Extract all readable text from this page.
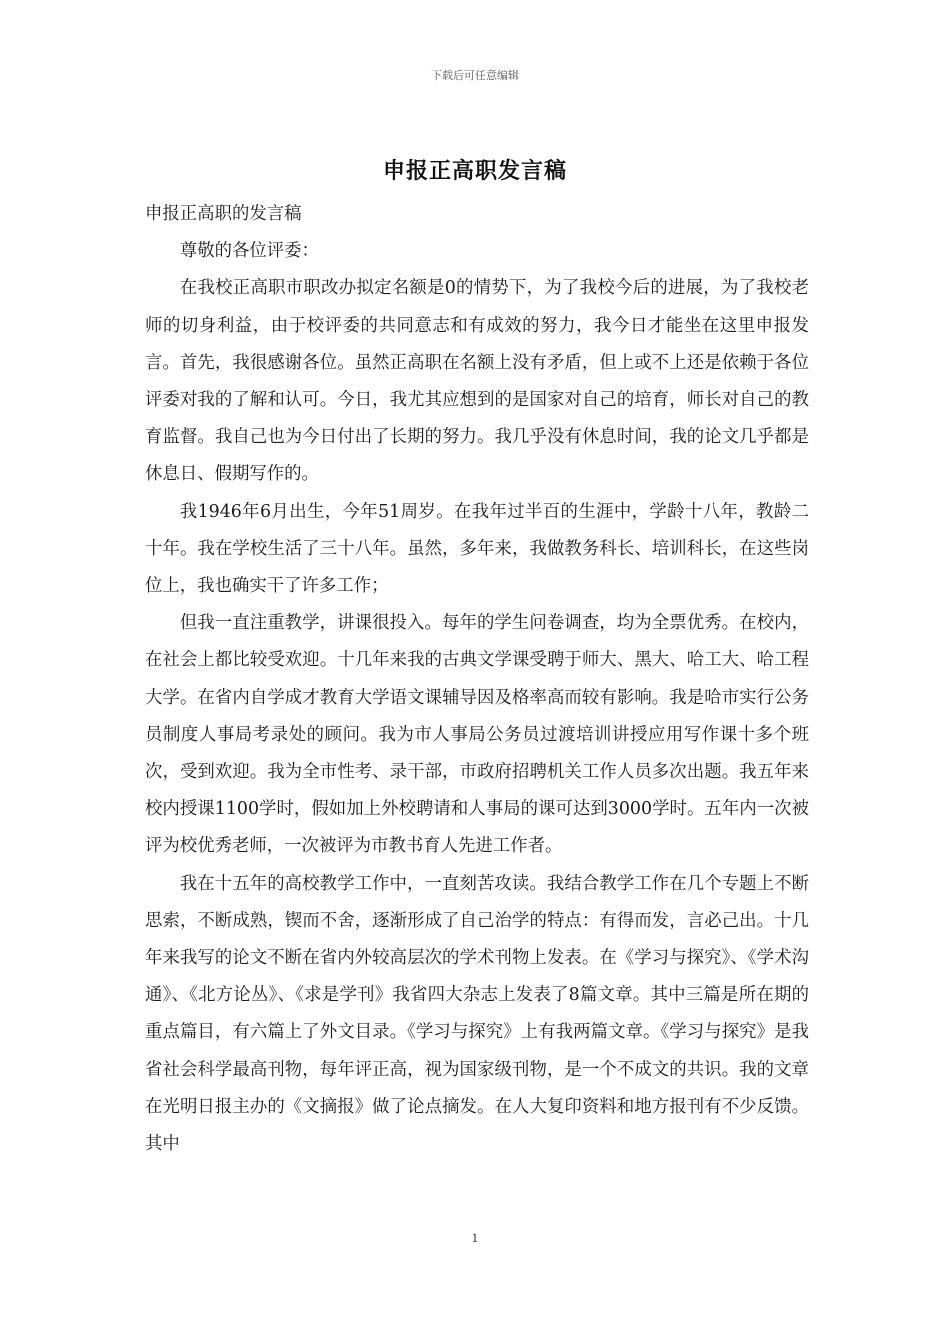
下载后可任意编辑
申报正高职发言稿

申报正高职的发言稿

尊敬的各位评委：

在我校正高职市职改办拟定名额是0的情势下，为了我校今后的进展，为了我校老师的切身利益，由于校评委的共同意志和有成效的努力，我今日才能坐在这里申报发言。首先，我很感谢各位。虽然正高职在名额上没有矛盾，但上或不上还是依赖于各位评委对我的了解和认可。今日，我尤其应想到的是国家对自己的培育，师长对自己的教育监督。我自己也为今日付出了长期的努力。我几乎没有休息时间，我的论文几乎都是休息日、假期写作的。

我1946年6月出生，今年51周岁。在我年过半百的生涯中，学龄十八年，教龄二十年。我在学校生活了三十八年。虽然，多年来，我做教务科长、培训科长，在这些岗位上，我也确实干了许多工作；

但我一直注重教学，讲课很投入。每年的学生问卷调查，均为全票优秀。在校内，在社会上都比较受欢迎。十几年来我的古典文学课受聘于师大、黑大、哈工大、哈工程大学。在省内自学成才教育大学语文课辅导因及格率高而较有影响。我是哈市实行公务员制度人事局考录处的顾问。我为市人事局公务员过渡培训讲授应用写作课十多个班次，受到欢迎。我为全市性考、录干部，市政府招聘机关工作人员多次出题。我五年来校内授课1100学时，假如加上外校聘请和人事局的课可达到3000学时。五年内一次被评为校优秀老师，一次被评为市教书育人先进工作者。

我在十五年的高校教学工作中，一直刻苦攻读。我结合教学工作在几个专题上不断思索，不断成熟，锲而不舍，逐渐形成了自己治学的特点：有得而发，言必己出。十几年来我写的论文不断在省内外较高层次的学术刊物上发表。在《学习与探究》、《学术沟通》、《北方论丛》、《求是学刊》我省四大杂志上发表了8篇文章。其中三篇是所在期的重点篇目，有六篇上了外文目录。《学习与探究》上有我两篇文章。《学习与探究》是我省社会科学最高刊物，每年评正高，视为国家级刊物，是一个不成文的共识。我的文章在光明日报主办的《文摘报》做了论点摘发。在人大复印资料和地方报刊有不少反馈。其中

1
